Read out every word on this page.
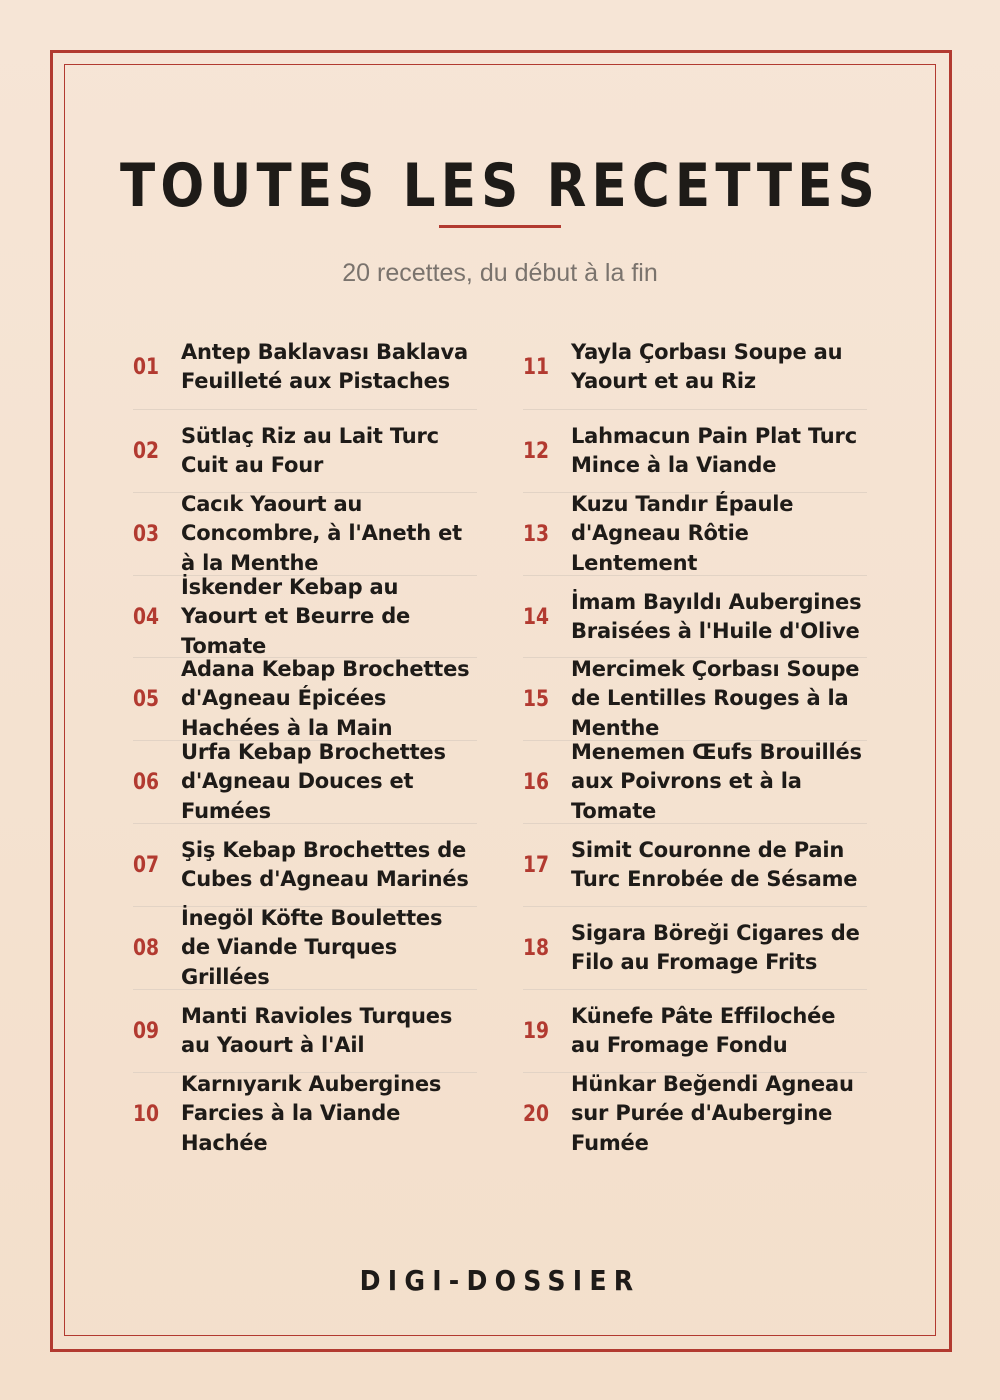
TOUTES LES RECETTES
20 recettes, du début à la fin
01
Antep Baklavası Baklava Feuilleté aux Pistaches
02
Sütlaç Riz au Lait Turc Cuit au Four
03
Cacık Yaourt au Concombre, à l'Aneth et à la Menthe
04
İskender Kebap au Yaourt et Beurre de Tomate
05
Adana Kebap Brochettes d'Agneau Épicées Hachées à la Main
06
Urfa Kebap Brochettes d'Agneau Douces et Fumées
07
Şiş Kebap Brochettes de Cubes d'Agneau Marinés
08
İnegöl Köfte Boulettes de Viande Turques Grillées
09
Manti Ravioles Turques au Yaourt à l'Ail
10
Karnıyarık Aubergines Farcies à la Viande Hachée
11
Yayla Çorbası Soupe au Yaourt et au Riz
12
Lahmacun Pain Plat Turc Mince à la Viande
13
Kuzu Tandır Épaule d'Agneau Rôtie Lentement
14
İmam Bayıldı Aubergines Braisées à l'Huile d'Olive
15
Mercimek Çorbası Soupe de Lentilles Rouges à la Menthe
16
Menemen Œufs Brouillés aux Poivrons et à la Tomate
17
Simit Couronne de Pain Turc Enrobée de Sésame
18
Sigara Böreği Cigares de Filo au Fromage Frits
19
Künefe Pâte Effilochée au Fromage Fondu
20
Hünkar Beğendi Agneau sur Purée d'Aubergine Fumée
DIGI-DOSSIER
